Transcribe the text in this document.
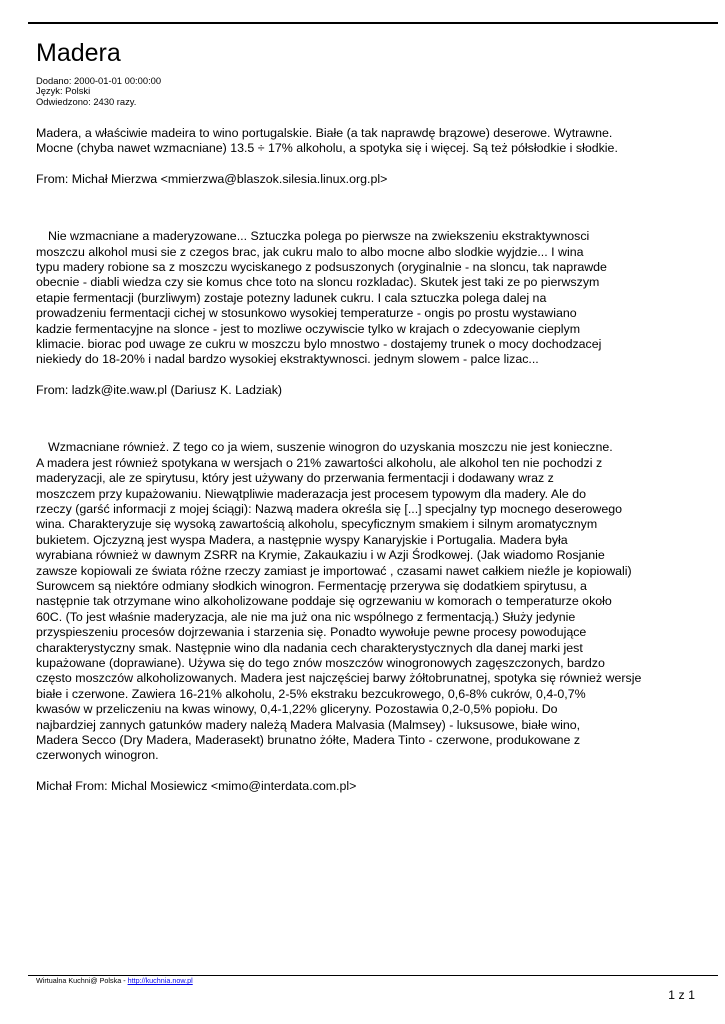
Madera
Dodano: 2000-01-01 00:00:00
Język: Polski
Odwiedzono: 2430 razy.

Madera, a właściwie madeira to wino portugalskie. Białe (a tak naprawdę brązowe) deserowe. Wytrawne.
Mocne (chyba nawet wzmacniane) 13.5 ÷ 17% alkoholu, a spotyka się i więcej. Są też półsłodkie i słodkie.

From: Michał Mierzwa <mmierzwa@blaszok.silesia.linux.org.pl>

Nie wzmacniane a maderyzowane... Sztuczka polega po pierwsze na zwiekszeniu ekstraktywnosci
moszczu alkohol musi sie z czegos brac, jak cukru malo to albo mocne albo slodkie wyjdzie... I wina
typu madery robione sa z moszczu wyciskanego z podsuszonych (oryginalnie - na sloncu, tak naprawde
obecnie - diabli wiedza czy sie komus chce toto na sloncu rozkladac). Skutek jest taki ze po pierwszym
etapie fermentacji (burzliwym) zostaje potezny ladunek cukru. I cala sztuczka polega dalej na
prowadzeniu fermentacji cichej w stosunkowo wysokiej temperaturze - ongis po prostu wystawiano
kadzie fermentacyjne na slonce - jest to mozliwe oczywiscie tylko w krajach o zdecyowanie cieplym
klimacie. biorac pod uwage ze cukru w moszczu bylo mnostwo - dostajemy trunek o mocy dochodzacej
niekiedy do 18-20% i nadal bardzo wysokiej ekstraktywnosci. jednym slowem - palce lizac...

From: ladzk@ite.waw.pl (Dariusz K. Ladziak)

Wzmacniane również. Z tego co ja wiem, suszenie winogron do uzyskania moszczu nie jest konieczne.
A madera jest również spotykana w wersjach o 21% zawartości alkoholu, ale alkohol ten nie pochodzi z
maderyzacji, ale ze spirytusu, który jest używany do przerwania fermentacji i dodawany wraz z
moszczem przy kupażowaniu. Niewątpliwie maderazacja jest procesem typowym dla madery. Ale do
rzeczy (garść informacji z mojej ściągi): Nazwą madera określa się [...] specjalny typ mocnego deserowego
wina. Charakteryzuje się wysoką zawartością alkoholu, specyficznym smakiem i silnym aromatycznym
bukietem. Ojczyzną jest wyspa Madera, a następnie wyspy Kanaryjskie i Portugalia. Madera była
wyrabiana również w dawnym ZSRR na Krymie, Zakaukaziu i w Azji Środkowej. (Jak wiadomo Rosjanie
zawsze kopiowali ze świata różne rzeczy zamiast je importować , czasami nawet całkiem nieźle je kopiowali)
Surowcem są niektóre odmiany słodkich winogron. Fermentację przerywa się dodatkiem spirytusu, a
następnie tak otrzymane wino alkoholizowane poddaje się ogrzewaniu w komorach o temperaturze około
60C. (To jest właśnie maderyzacja, ale nie ma już ona nic wspólnego z fermentacją.) Służy jedynie
przyspieszeniu procesów dojrzewania i starzenia się. Ponadto wywołuje pewne procesy powodujące
charakterystyczny smak. Następnie wino dla nadania cech charakterystycznych dla danej marki jest
kupażowane (doprawiane). Używa się do tego znów moszczów winogronowych zagęszczonych, bardzo
często moszczów alkoholizowanych. Madera jest najczęściej barwy żółtobrunatnej, spotyka się również wersje
białe i czerwone. Zawiera 16-21% alkoholu, 2-5% ekstraku bezcukrowego, 0,6-8% cukrów, 0,4-0,7%
kwasów w przeliczeniu na kwas winowy, 0,4-1,22% gliceryny. Pozostawia 0,2-0,5% popiołu. Do
najbardziej zannych gatunków madery należą Madera Malvasia (Malmsey) - luksusowe, białe wino,
Madera Secco (Dry Madera, Maderasekt) brunatno żółte, Madera Tinto - czerwone, produkowane z
czerwonych winogron.

Michał From: Michal Mosiewicz <mimo@interdata.com.pl>

Wirtualna Kuchni@ Polska - http://kuchnia.now.pl
1 z 1
